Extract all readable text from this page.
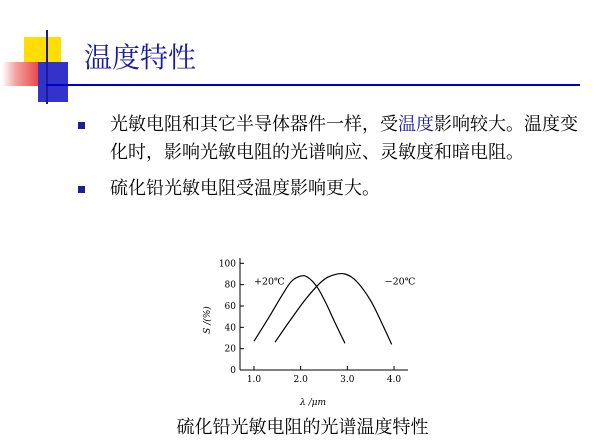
温度特性
光敏电阻和其它半导体器件一样，受温度影响较大。温度变化时，影响光敏电阻的光谱响应、灵敏度和暗电阻。
硫化铅光敏电阻受温度影响更大。
0
20
40
60
80
100
1.0	2.0	3.0	4.0
+20℃	−20℃
S /(%)
λ /μm
硫化铅光敏电阻的光谱温度特性
